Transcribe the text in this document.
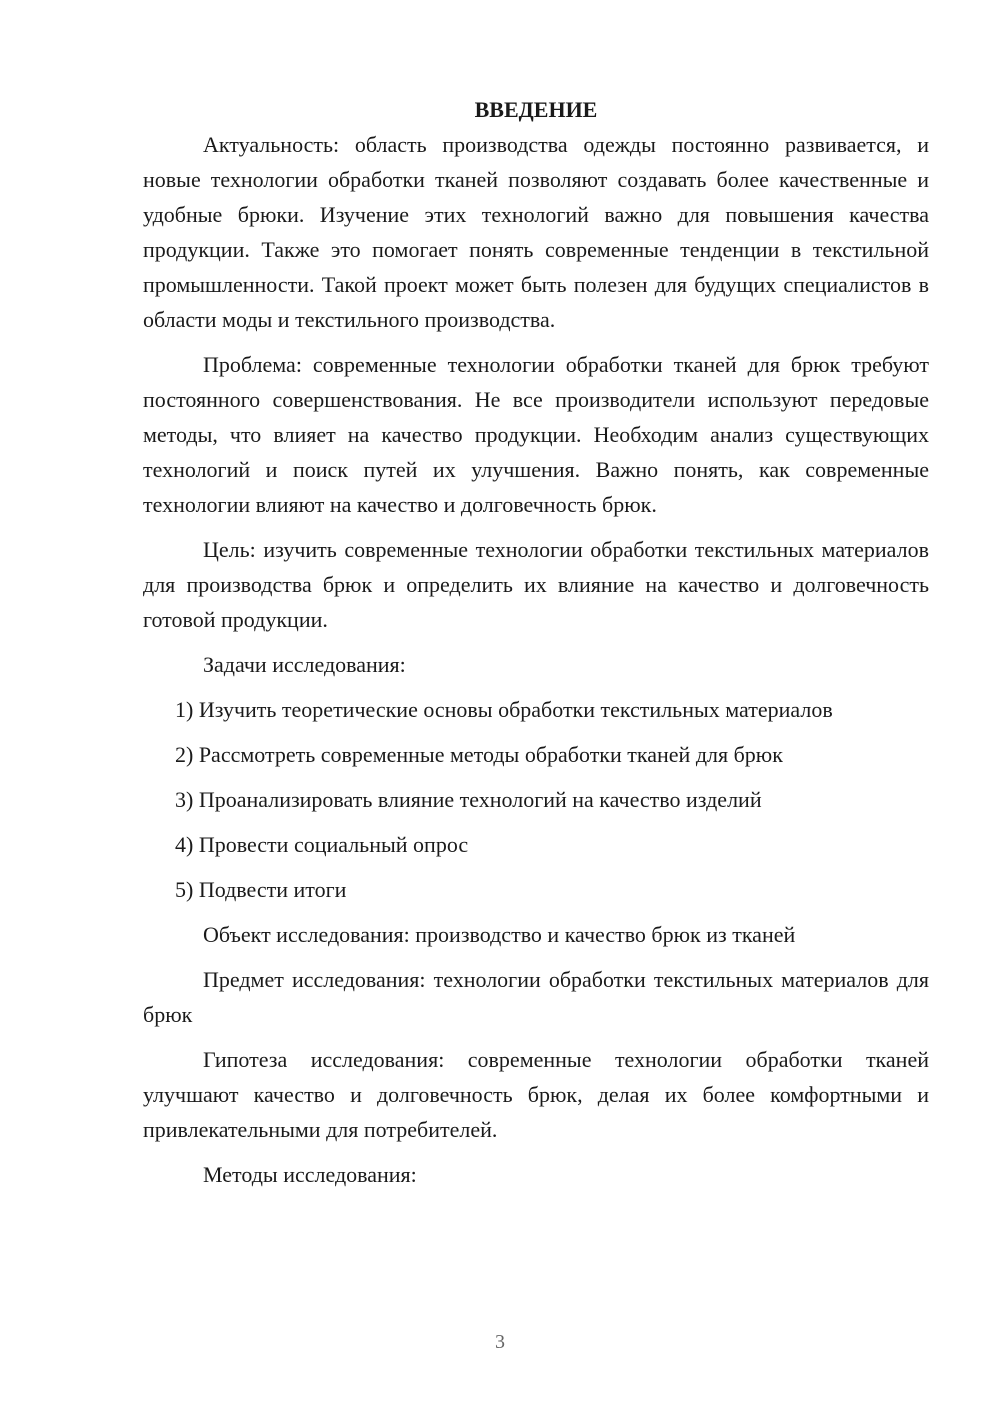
ВВЕДЕНИЕ

Актуальность: область производства одежды постоянно развивается, и новые технологии обработки тканей позволяют создавать более качественные и удобные брюки. Изучение этих технологий важно для повышения качества продукции. Также это помогает понять современные тенденции в текстильной промышленности. Такой проект может быть полезен для будущих специалистов в области моды и текстильного производства.

Проблема: современные технологии обработки тканей для брюк требуют постоянного совершенствования. Не все производители используют передовые методы, что влияет на качество продукции. Необходим анализ существующих технологий и поиск путей их улучшения. Важно понять, как современные технологии влияют на качество и долговечность брюк.

Цель: изучить современные технологии обработки текстильных материалов для производства брюк и определить их влияние на качество и долговечность готовой продукции.

Задачи исследования:

1) Изучить теоретические основы обработки текстильных материалов

2) Рассмотреть современные методы обработки тканей для брюк

3) Проанализировать влияние технологий на качество изделий

4) Провести социальный опрос

5) Подвести итоги

Объект исследования: производство и качество брюк из тканей

Предмет исследования: технологии обработки текстильных материалов для брюк

Гипотеза исследования: современные технологии обработки тканей улучшают качество и долговечность брюк, делая их более комфортными и привлекательными для потребителей.

Методы исследования:

3
